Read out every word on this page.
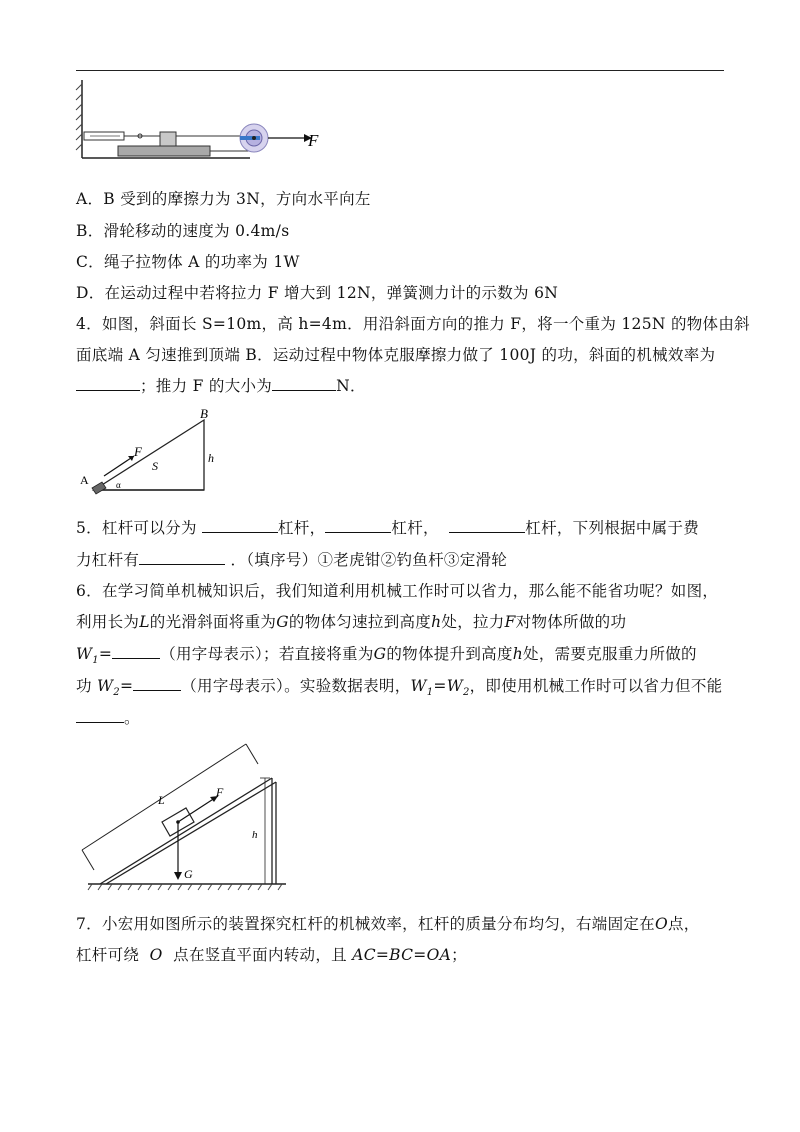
F
A．B 受到的摩擦力为 3N，方向水平向左
B．滑轮移动的速度为 0.4m/s
C．绳子拉物体 A 的功率为 1W
D．在运动过程中若将拉力 F 增大到 12N，弹簧测力计的示数为 6N
4．如图，斜面长 S=10m，高 h=4m．用沿斜面方向的推力 F，将一个重为 125N 的物体由斜
面底端 A 匀速推到顶端 B．运动过程中物体克服摩擦力做了 100J 的功，斜面的机械效率为
；推力 F 的大小为	N．
α
A
B
F
S
h
5．杠杆可以分为	杠杆，	杠杆，	杠杆，下列根据中属于费
力杠杆有	．（填序号）①老虎钳②钓鱼杆③定滑轮
6．在学习简单机械知识后，我们知道利用机械工作时可以省力，那么能不能省功呢？如图，
利用长为L的光滑斜面将重为G的物体匀速拉到高度h处，拉力F对物体所做的功
$W_1=$	（用字母表示）；若直接将重为G的物体提升到高度h处，需要克服重力所做的
功 $W_2=$	（用字母表示）。实验数据表明，$W_1=W_2$，即使用机械工作时可以省力但不能
。
L
F
G
h
7．小宏用如图所示的装置探究杠杆的机械效率，杠杆的质量分布均匀，右端固定在O点，
杠杆可绕 O 点在竖直平面内转动，且 AC=BC=OA；
